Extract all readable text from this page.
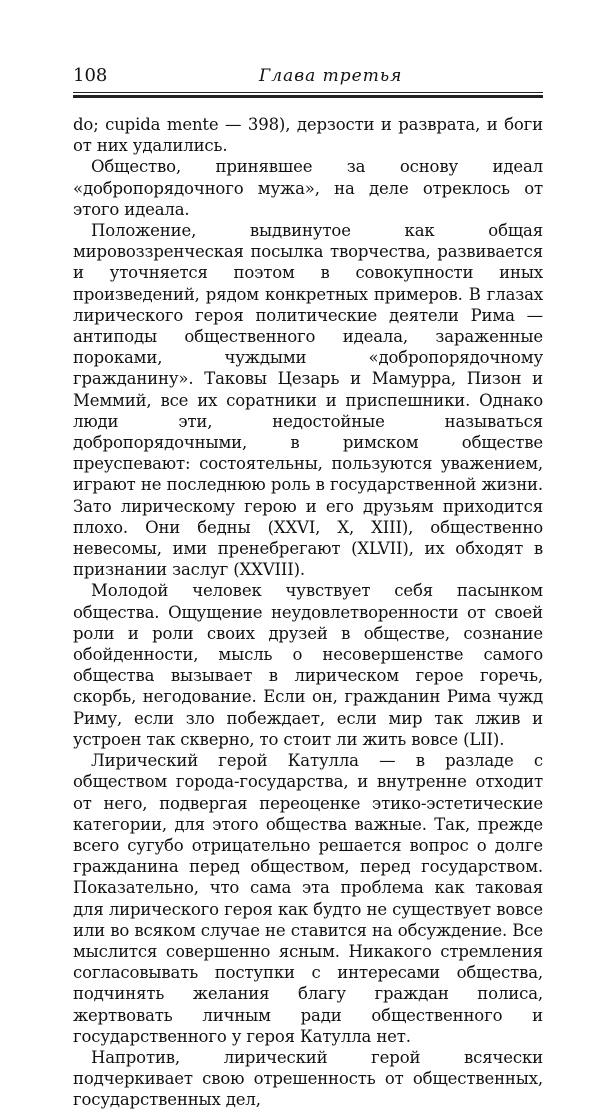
108	Глава третья

do; cupida mente — 398), дерзости и разврата, и боги от них удалились.

Общество, принявшее за основу идеал «добропорядочного мужа», на деле отреклось от этого идеала.

Положение, выдвинутое как общая мировоззренческая посылка творчества, развивается и уточняется поэтом в совокупности иных произведений, рядом конкретных примеров. В глазах лирического героя политические деятели Рима — антиподы общественного идеала, зараженные пороками, чуждыми «добропорядочному гражданину». Таковы Цезарь и Мамурра, Пизон и Меммий, все их соратники и приспешники. Однако люди эти, недостойные называться добропорядочными, в римском обществе преуспевают: состоятельны, пользуются уважением, играют не последнюю роль в государственной жизни. Зато лирическому герою и его друзьям приходится плохо. Они бедны (XXVI, X, XIII), общественно невесомы, ими пренебрегают (XLVII), их обходят в признании заслуг (XXVIII).

Молодой человек чувствует себя пасынком общества. Ощущение неудовлетворенности от своей роли и роли своих друзей в обществе, сознание обойденности, мысль о несовершенстве самого общества вызывает в лирическом герое горечь, скорбь, негодование. Если он, гражданин Рима чужд Риму, если зло побеждает, если мир так лжив и устроен так скверно, то стоит ли жить вовсе (LII).

Лирический герой Катулла — в разладе с обществом города-государства, и внутренне отходит от него, подвергая переоценке этико-эстетические категории, для этого общества важные. Так, прежде всего сугубо отрицательно решается вопрос о долге гражданина перед обществом, перед государством. Показательно, что сама эта проблема как таковая для лирического героя как будто не существует вовсе или во всяком случае не ставится на обсуждение. Все мыслится совершенно ясным. Никакого стремления согласовывать поступки с интересами общества, подчинять желания благу граждан полиса, жертвовать личным ради общественного и государственного у героя Катулла нет.

Напротив, лирический герой всячески подчеркивает свою отрешенность от общественных, государственных дел,
